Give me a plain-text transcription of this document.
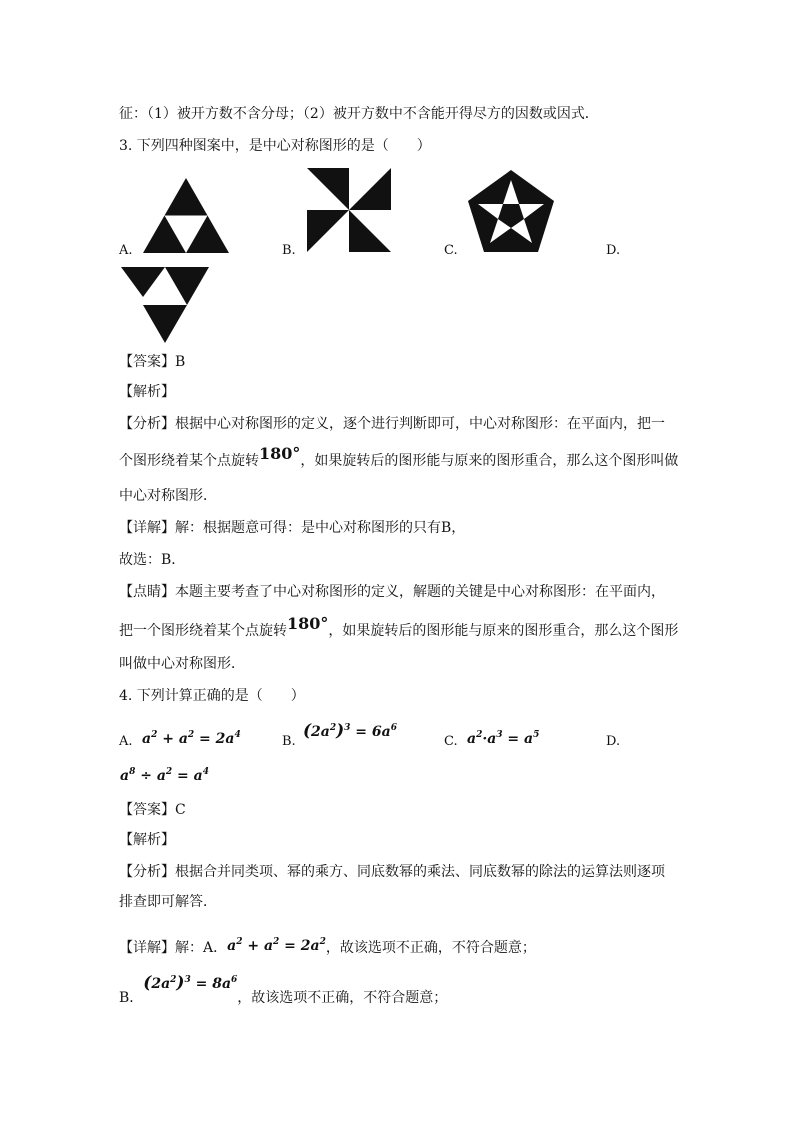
征：（1）被开方数不含分母；（2）被开方数中不含能开得尽方的因数或因式．
3. 下列四种图案中，是中心对称图形的是（　　）
A.	B.	C.	D.
【答案】B
【解析】
【分析】根据中心对称图形的定义，逐个进行判断即可，中心对称图形：在平面内，把一
个图形绕着某个点旋转180°，如果旋转后的图形能与原来的图形重合，那么这个图形叫做
中心对称图形．
【详解】解：根据题意可得：是中心对称图形的只有B，
故选：B．
【点睛】本题主要考查了中心对称图形的定义，解题的关键是中心对称图形：在平面内，
把一个图形绕着某个点旋转180°，如果旋转后的图形能与原来的图形重合，那么这个图形
叫做中心对称图形．
4. 下列计算正确的是（　　）
A. $a^2 + a^2 = 2a^4$	B.
$(2a^2)^3 = 6a^6$
C. $a^2\cdot a^3 = a^5$	D.
$a^8 \div a^2 = a^4$
【答案】C
【解析】
【分析】根据合并同类项、幂的乘方、同底数幂的乘法、同底数幂的除法的运算法则逐项
排查即可解答．
【详解】解：A．$a^2 + a^2 = 2a^2$，故该选项不正确，不符合题意；
B．$(2a^2)^3 = 8a^6$，故该选项不正确，不符合题意；
